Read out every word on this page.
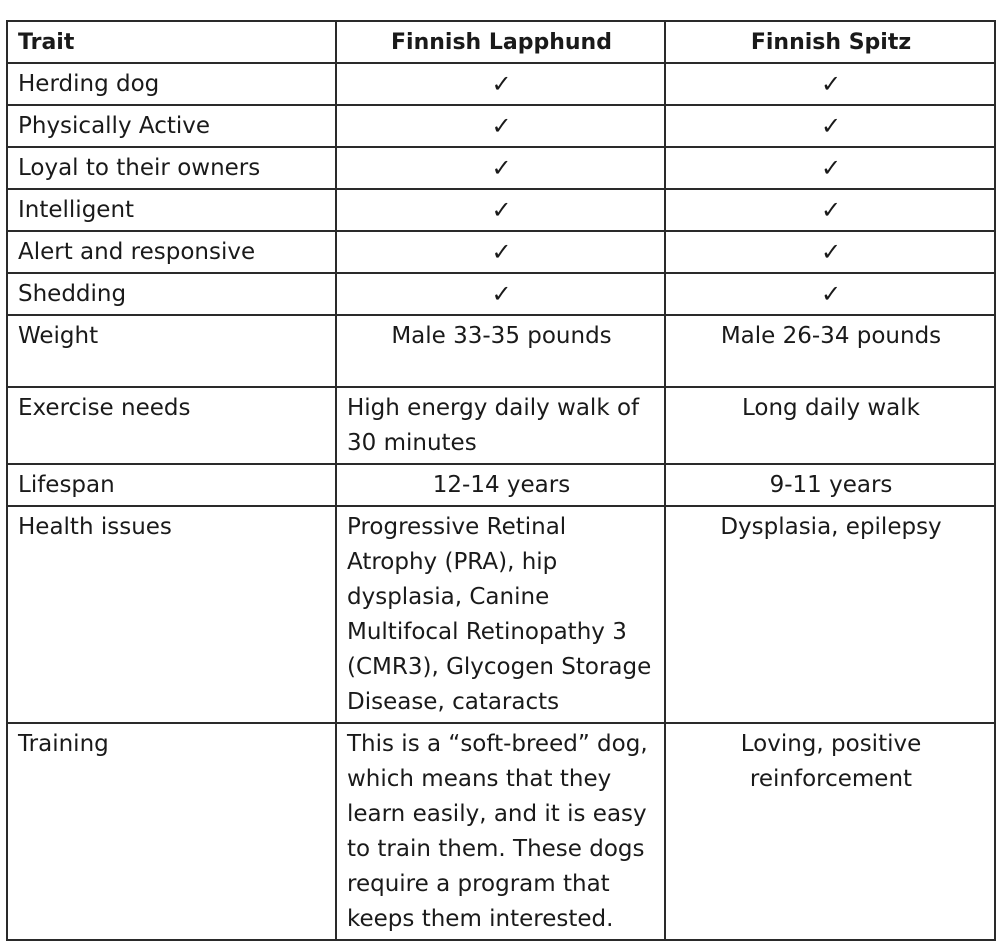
Trait	Finnish Lapphund	Finnish Spitz
Herding dog	✓	✓
Physically Active	✓	✓
Loyal to their owners	✓	✓
Intelligent	✓	✓
Alert and responsive	✓	✓
Shedding	✓	✓
Weight	Male 33-35 pounds	Male 26-34 pounds
Exercise needs	High energy daily walk of 30 minutes	Long daily walk
Lifespan	12-14 years	9-11 years
Health issues	Progressive Retinal Atrophy (PRA), hip dysplasia, Canine Multifocal Retinopathy 3 (CMR3), Glycogen Storage Disease, cataracts	Dysplasia, epilepsy
Training	This is a “soft-breed” dog, which means that they learn easily, and it is easy to train them. These dogs require a program that keeps them interested.	Loving, positive reinforcement
